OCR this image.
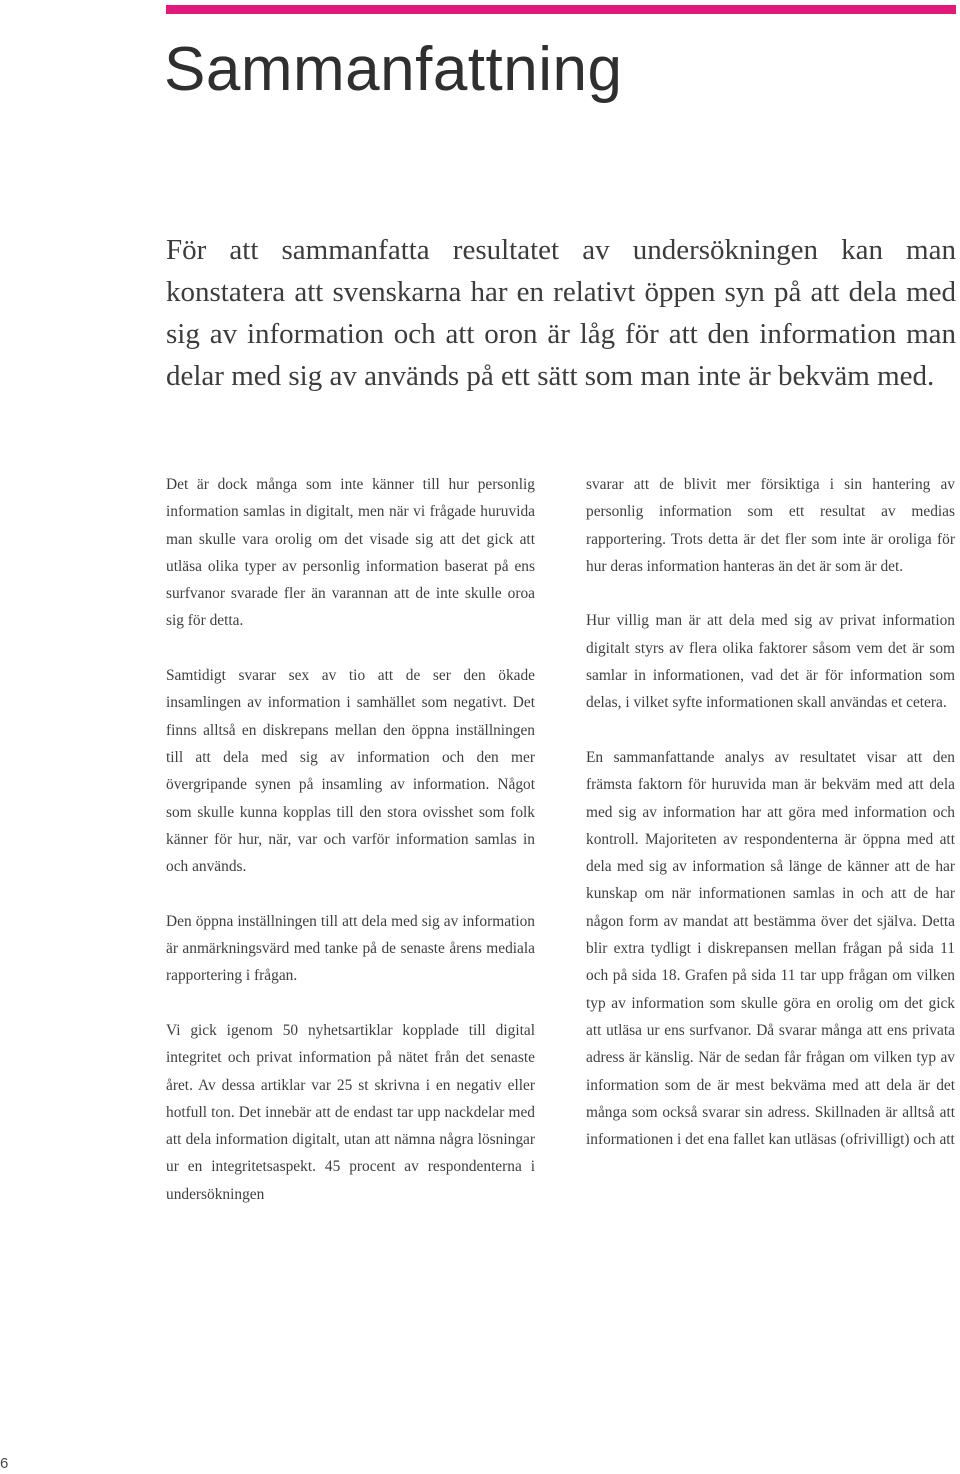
Sammanfattning

För att sammanfatta resultatet av undersökningen kan man konstatera att svenskarna har en relativt öppen syn på att dela med sig av information och att oron är låg för att den information man delar med sig av används på ett sätt som man inte är bekväm med.

Det är dock många som inte känner till hur personlig information samlas in digitalt, men när vi frågade huruvida man skulle vara orolig om det visade sig att det gick att utläsa olika typer av personlig information baserat på ens surfvanor svarade fler än varannan att de inte skulle oroa sig för detta.

Samtidigt svarar sex av tio att de ser den ökade insamlingen av information i samhället som negativt. Det finns alltså en diskrepans mellan den öppna inställningen till att dela med sig av information och den mer övergripande synen på insamling av information. Något som skulle kunna kopplas till den stora ovisshet som folk känner för hur, när, var och varför information samlas in och används.

Den öppna inställningen till att dela med sig av information är anmärkningsvärd med tanke på de senaste årens mediala rapportering i frågan.

Vi gick igenom 50 nyhetsartiklar kopplade till digital integritet och privat information på nätet från det senaste året. Av dessa artiklar var 25 st skrivna i en negativ eller hotfull ton. Det innebär att de endast tar upp nackdelar med att dela information digitalt, utan att nämna några lösningar ur en integritetsaspekt. 45 procent av respondenterna i undersökningen

svarar att de blivit mer försiktiga i sin hantering av personlig information som ett resultat av medias rapportering. Trots detta är det fler som inte är oroliga för hur deras information hanteras än det är som är det.

Hur villig man är att dela med sig av privat information digitalt styrs av flera olika faktorer såsom vem det är som samlar in informationen, vad det är för information som delas, i vilket syfte informationen skall användas et cetera.

En sammanfattande analys av resultatet visar att den främsta faktorn för huruvida man är bekväm med att dela med sig av information har att göra med information och kontroll. Majoriteten av respondenterna är öppna med att dela med sig av information så länge de känner att de har kunskap om när informationen samlas in och att de har någon form av mandat att bestämma över det själva. Detta blir extra tydligt i diskrepansen mellan frågan på sida 11 och på sida 18. Grafen på sida 11 tar upp frågan om vilken typ av information som skulle göra en orolig om det gick att utläsa ur ens surfvanor. Då svarar många att ens privata adress är känslig. När de sedan får frågan om vilken typ av information som de är mest bekväma med att dela är det många som också svarar sin adress. Skillnaden är alltså att informationen i det ena fallet kan utläsas (ofrivilligt) och att

6
